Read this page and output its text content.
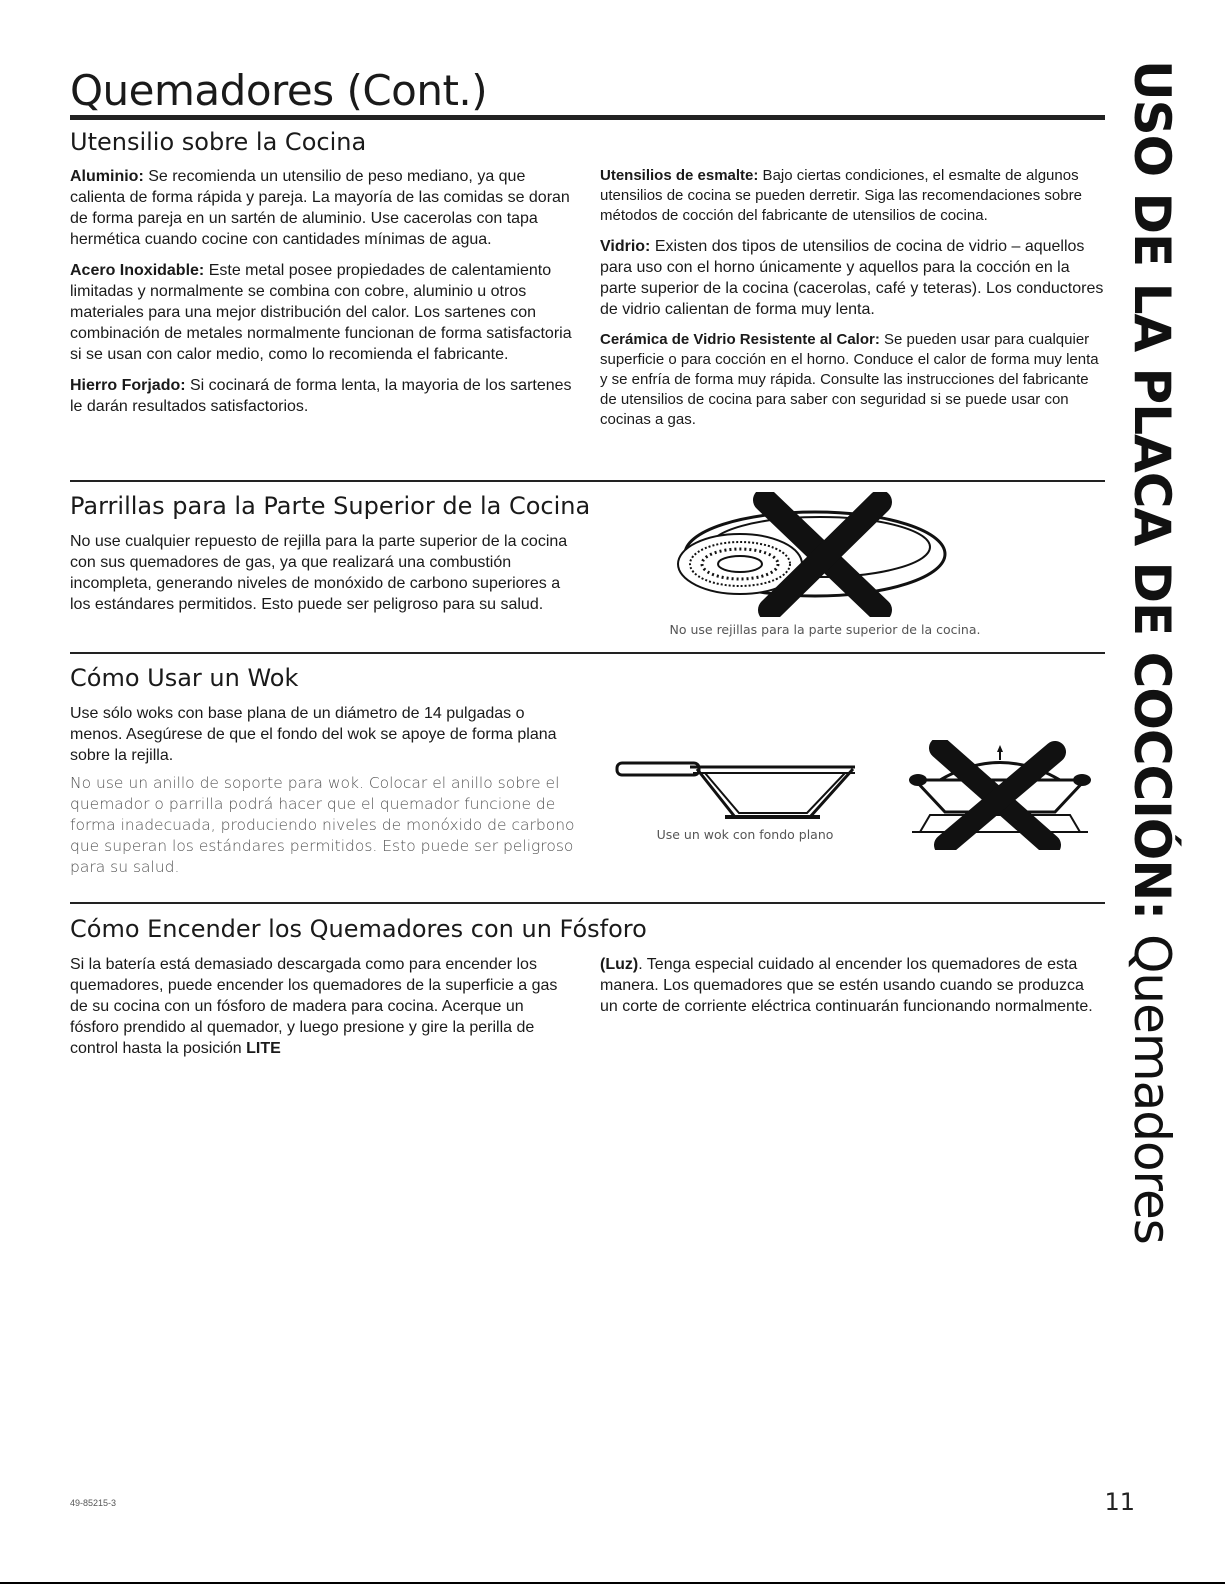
Quemadores (Cont.)	USO DE LA PLACA DE COCCIÓN: Quemadores
Utensilio sobre la Cocina

Aluminio: Se recomienda un utensilio de peso mediano, ya que calienta de forma rápida y pareja. La mayoría de las comidas se doran de forma pareja en un sartén de aluminio. Use cacerolas con tapa hermética cuando cocine con cantidades mínimas de agua.

Acero Inoxidable: Este metal posee propiedades de calentamiento limitadas y normalmente se combina con cobre, aluminio u otros materiales para una mejor distribución del calor. Los sartenes con combinación de metales normalmente funcionan de forma satisfactoria si se usan con calor medio, como lo recomienda el fabricante.

Hierro Forjado: Si cocinará de forma lenta, la mayoria de los sartenes le darán resultados satisfactorios.

Utensilios de esmalte: Bajo ciertas condiciones, el esmalte de algunos utensilios de cocina se pueden derretir. Siga las recomendaciones sobre métodos de cocción del fabricante de utensilios de cocina.

Vidrio: Existen dos tipos de utensilios de cocina de vidrio – aquellos para uso con el horno únicamente y aquellos para la cocción en la parte superior de la cocina (cacerolas, café y teteras). Los conductores de vidrio calientan de forma muy lenta.

Cerámica de Vidrio Resistente al Calor: Se pueden usar para cualquier superficie o para cocción en el horno. Conduce el calor de forma muy lenta y se enfría de forma muy rápida. Consulte las instrucciones del fabricante de utensilios de cocina para saber con seguridad si se puede usar con cocinas a gas.

Parrillas para la Parte Superior de la Cocina

No use cualquier repuesto de rejilla para la parte superior de la cocina con sus quemadores de gas, ya que realizará una combustión incompleta, generando niveles de monóxido de carbono superiores a los estándares permitidos. Esto puede ser peligroso para su salud.

No use rejillas para la parte superior de la cocina.
Cómo Usar un Wok

Use sólo woks con base plana de un diámetro de 14 pulgadas o menos. Asegúrese de que el fondo del wok se apoye de forma plana sobre la rejilla.

No use un anillo de soporte para wok. Colocar el anillo sobre el quemador o parrilla podrá hacer que el quemador funcione de forma inadecuada, produciendo niveles de monóxido de carbono que superan los estándares permitidos. Esto puede ser peligroso para su salud.

Use un wok con fondo plano
Cómo Encender los Quemadores con un Fósforo

Si la batería está demasiado descargada como para encender los quemadores, puede encender los quemadores de la superficie a gas de su cocina con un fósforo de madera para cocina. Acerque un fósforo prendido al quemador, y luego presione y gire la perilla de control hasta la posición LITE

(Luz). Tenga especial cuidado al encender los quemadores de esta manera. Los quemadores que se estén usando cuando se produzca un corte de corriente eléctrica continuarán funcionando normalmente.

49-85215-3	11
